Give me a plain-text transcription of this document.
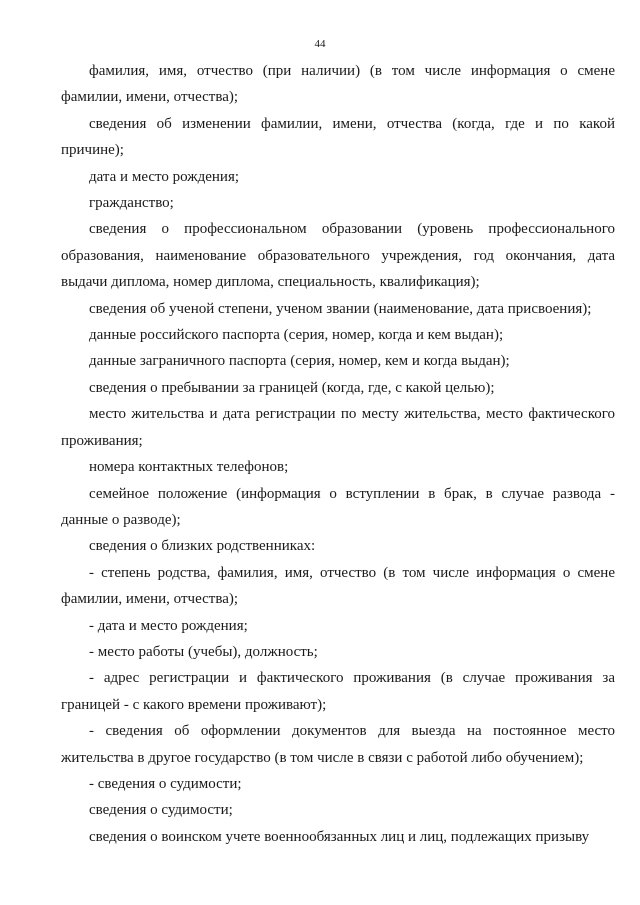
44

фамилия, имя, отчество (при наличии) (в том числе информация о смене фамилии, имени, отчества);

сведения об изменении фамилии, имени, отчества (когда, где и по какой причине);

дата и место рождения;

гражданство;

сведения о профессиональном образовании (уровень профессионального образования, наименование образовательного учреждения, год окончания, дата выдачи диплома, номер диплома, специальность, квалификация);

сведения об ученой степени, ученом звании (наименование, дата присвоения);

данные российского паспорта (серия, номер, когда и кем выдан);

данные заграничного паспорта (серия, номер, кем и когда выдан);

сведения о пребывании за границей (когда, где, с какой целью);

место жительства и дата регистрации по месту жительства, место фактического проживания;

номера контактных телефонов;

семейное положение (информация о вступлении в брак, в случае развода - данные о разводе);

сведения о близких родственниках:

- степень родства, фамилия, имя, отчество (в том числе информация о смене фамилии, имени, отчества);

- дата и место рождения;

- место работы (учебы), должность;

- адрес регистрации и фактического проживания (в случае проживания за границей - с какого времени проживают);

- сведения об оформлении документов для выезда на постоянное место жительства в другое государство (в том числе в связи с работой либо обучением);

- сведения о судимости;

сведения о судимости;

сведения о воинском учете военнообязанных лиц и лиц, подлежащих призыву
